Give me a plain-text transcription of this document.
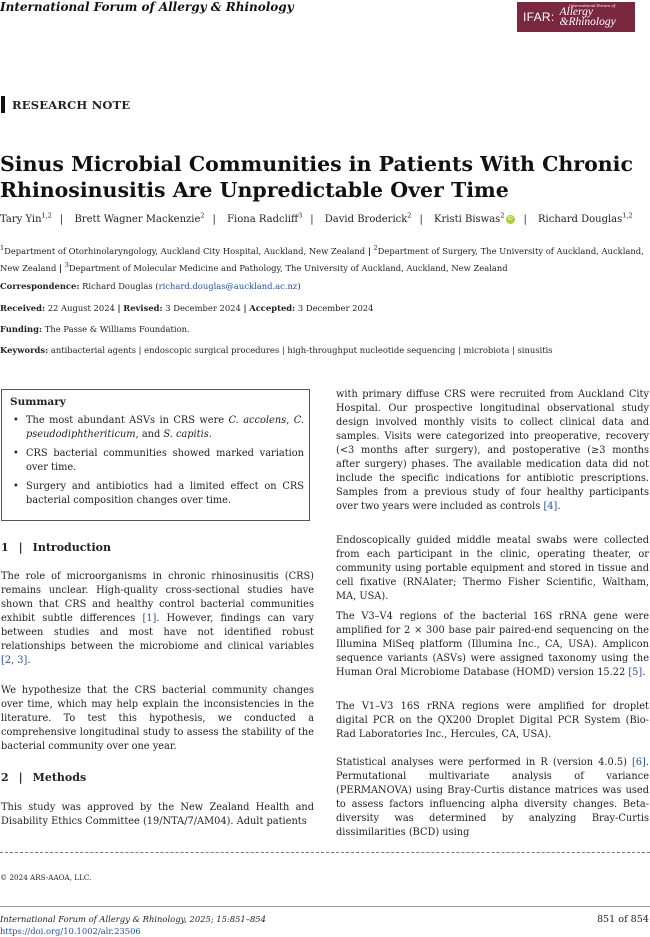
International Forum of Allergy & Rhinology
IFAR:
International Forum of
Allergy
&Rhinology
RESEARCH NOTE
Sinus Microbial Communities in Patients With Chronic Rhinosinusitis Are Unpredictable Over Time
Tary Yin$^{1,2}$ | Brett Wagner Mackenzie$^2$ | Fiona Radcliff$^3$ | David Broderick$^2$ | Kristi Biswas$^2$iD | Richard Douglas$^{1,2}$
$^1$Department of Otorhinolaryngology, Auckland City Hospital, Auckland, New Zealand | $^2$Department of Surgery, The University of Auckland, Auckland, New Zealand | $^3$Department of Molecular Medicine and Pathology, The University of Auckland, Auckland, New Zealand
Correspondence: Richard Douglas (richard.douglas@auckland.ac.nz)
Received: 22 August 2024 | Revised: 3 December 2024 | Accepted: 3 December 2024
Funding: The Passe & Williams Foundation.
Keywords: antibacterial agents | endoscopic surgical procedures | high-throughput nucleotide sequencing | microbiota | sinusitis
Summary
• The most abundant ASVs in CRS were C. accolens, C. pseudodiphtheriticum, and S. capitis.
• CRS bacterial communities showed marked variation over time.
• Surgery and antibiotics had a limited effect on CRS bacterial composition changes over time.
1 | Introduction
The role of microorganisms in chronic rhinosinusitis (CRS) remains unclear. High-quality cross-sectional studies have shown that CRS and healthy control bacterial communities exhibit subtle differences [1]. However, findings can vary between studies and most have not identified robust relationships between the microbiome and clinical variables [2, 3].
We hypothesize that the CRS bacterial community changes over time, which may help explain the inconsistencies in the literature. To test this hypothesis, we conducted a comprehensive longitudinal study to assess the stability of the bacterial community over one year.
2 | Methods
This study was approved by the New Zealand Health and Disability Ethics Committee (19/NTA/7/AM04). Adult patients
with primary diffuse CRS were recruited from Auckland City Hospital. Our prospective longitudinal observational study design involved monthly visits to collect clinical data and samples. Visits were categorized into preoperative, recovery (<3 months after surgery), and postoperative (≥3 months after surgery) phases. The available medication data did not include the specific indications for antibiotic prescriptions. Samples from a previous study of four healthy participants over two years were included as controls [4].
Endoscopically guided middle meatal swabs were collected from each participant in the clinic, operating theater, or community using portable equipment and stored in tissue and cell fixative (RNAlater; Thermo Fisher Scientific, Waltham, MA, USA).
The V3–V4 regions of the bacterial 16S rRNA gene were amplified for 2 × 300 base pair paired-end sequencing on the Illumina MiSeq platform (Illumina Inc., CA, USA). Amplicon sequence variants (ASVs) were assigned taxonomy using the Human Oral Microbiome Database (HOMD) version 15.22 [5].
The V1–V3 16S rRNA regions were amplified for droplet digital PCR on the QX200 Droplet Digital PCR System (Bio-Rad Laboratories Inc., Hercules, CA, USA).
Statistical analyses were performed in R (version 4.0.5) [6]. Permutational multivariate analysis of variance (PERMANOVA) using Bray-Curtis distance matrices was used to assess factors influencing alpha diversity changes. Beta-diversity was determined by analyzing Bray-Curtis dissimilarities (BCD) using
© 2024 ARS-AAOA, LLC.
International Forum of Allergy & Rhinology, 2025; 15:851–854
https://doi.org/10.1002/alr.23506
851 of 854
